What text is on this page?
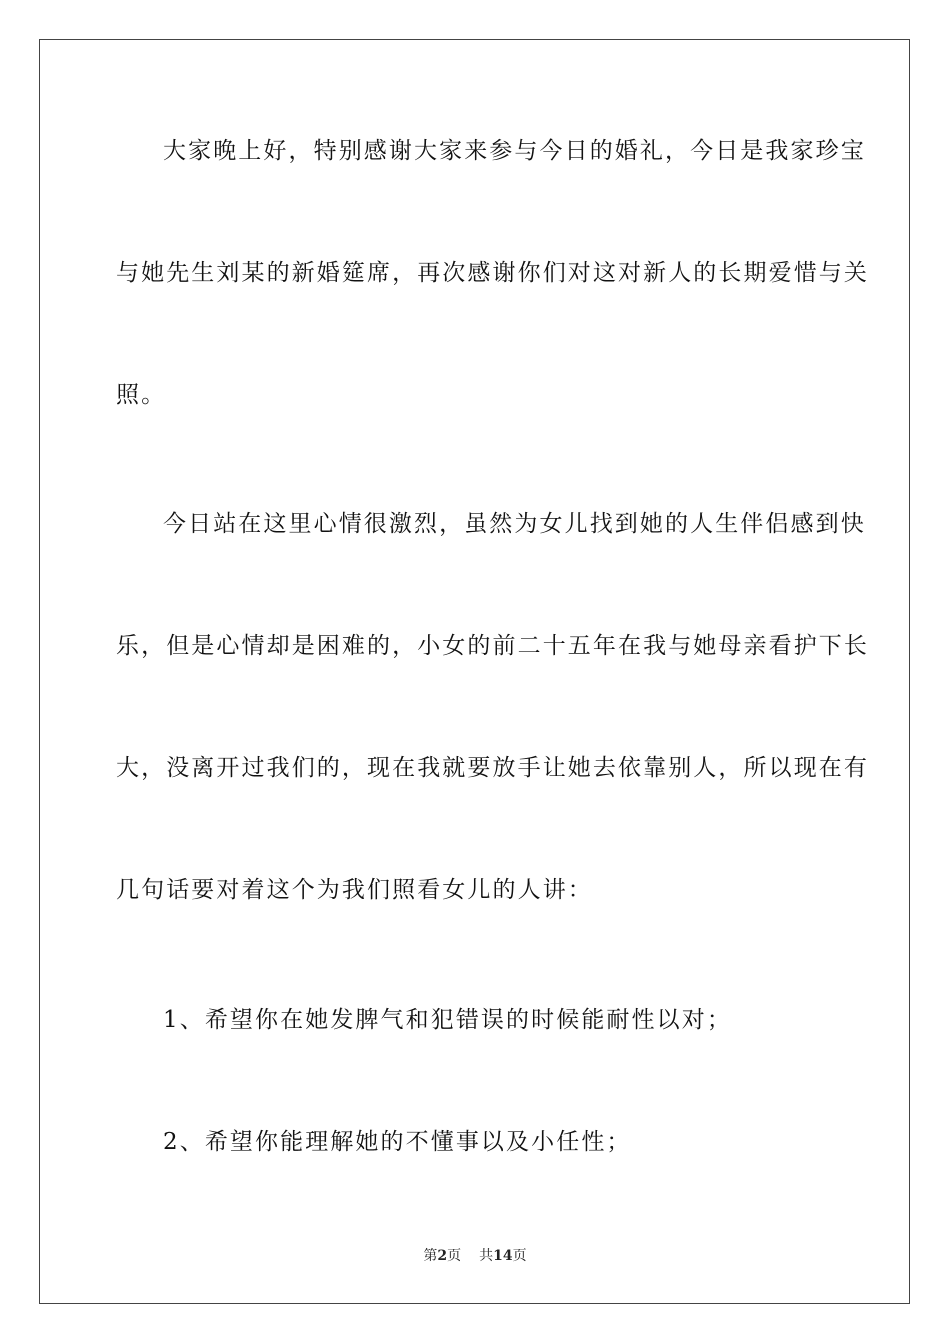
大家晚上好，特别感谢大家来参与今日的婚礼，今日是我家珍宝
与她先生刘某的新婚筵席，再次感谢你们对这对新人的长期爱惜与关
照。
今日站在这里心情很激烈，虽然为女儿找到她的人生伴侣感到快
乐，但是心情却是困难的，小女的前二十五年在我与她母亲看护下长
大，没离开过我们的，现在我就要放手让她去依靠别人，所以现在有
几句话要对着这个为我们照看女儿的人讲：
1、希望你在她发脾气和犯错误的时候能耐性以对；
2、希望你能理解她的不懂事以及小任性；
第2页 共14页
